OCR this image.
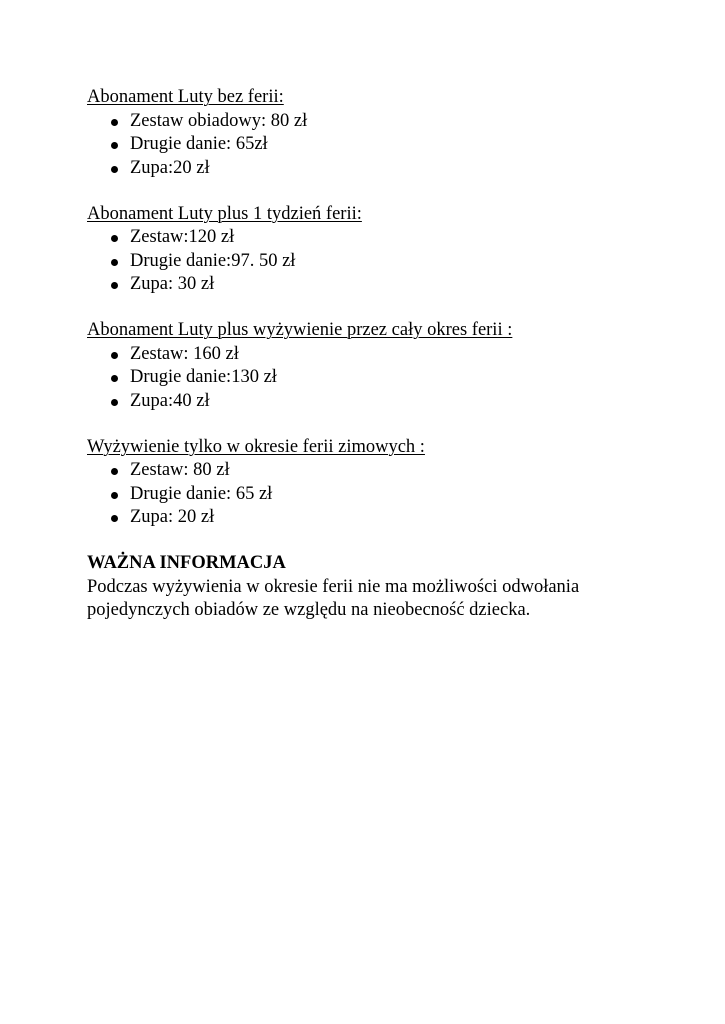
Abonament Luty bez ferii:
Zestaw obiadowy: 80 zł
Drugie danie: 65zł
Zupa:20 zł
Abonament Luty plus 1 tydzień ferii:
Zestaw:120 zł
Drugie danie:97. 50 zł
Zupa: 30 zł
Abonament Luty plus wyżywienie przez cały okres ferii :
Zestaw: 160 zł
Drugie danie:130 zł
Zupa:40 zł
Wyżywienie tylko w okresie ferii zimowych :
Zestaw: 80 zł
Drugie danie: 65 zł
Zupa: 20 zł
WAŻNA INFORMACJA
Podczas wyżywienia w okresie ferii nie ma możliwości odwołania
pojedynczych obiadów ze względu na nieobecność dziecka.
